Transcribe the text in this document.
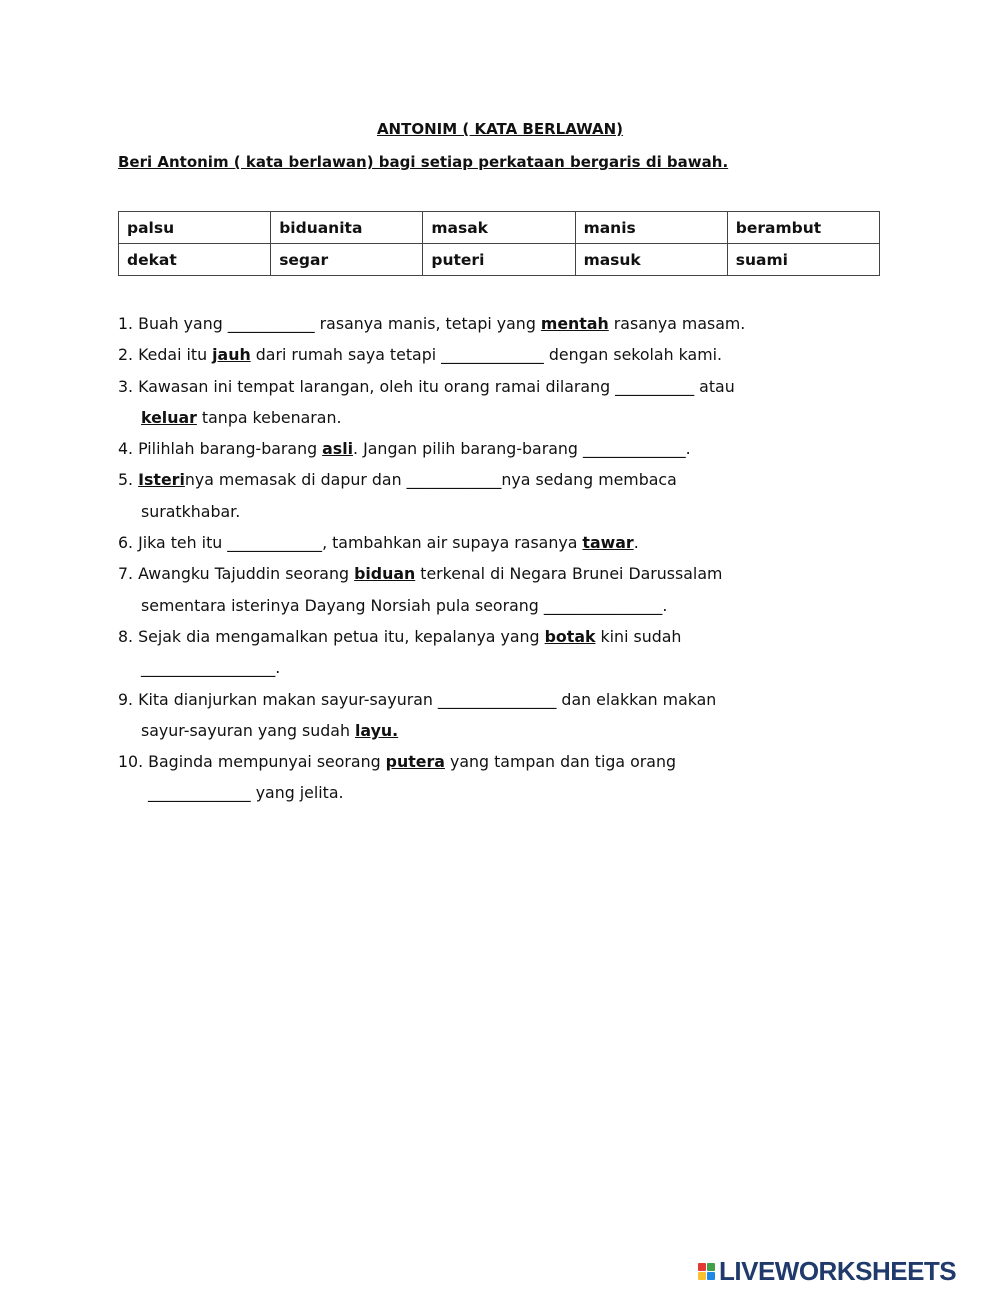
ANTONIM ( KATA BERLAWAN)
Beri Antonim ( kata berlawan) bagi setiap perkataan bergaris di bawah.
palsu	biduanita	masak	manis	berambut
dekat	segar	puteri	masuk	suami
1. Buah yang ___________ rasanya manis, tetapi yang mentah rasanya masam.
2. Kedai itu jauh dari rumah saya tetapi _____________ dengan sekolah kami.
3. Kawasan ini tempat larangan, oleh itu orang ramai dilarang __________ atau
keluar tanpa kebenaran.
4. Pilihlah barang-barang asli. Jangan pilih barang-barang _____________.
5. Isterinya memasak di dapur dan ____________nya sedang membaca
suratkhabar.
6. Jika teh itu ____________, tambahkan air supaya rasanya tawar.
7. Awangku Tajuddin seorang biduan terkenal di Negara Brunei Darussalam
sementara isterinya Dayang Norsiah pula seorang _______________.
8. Sejak dia mengamalkan petua itu, kepalanya yang botak kini sudah
_________________.
9. Kita dianjurkan makan sayur-sayuran _______________ dan elakkan makan
sayur-sayuran yang sudah layu.
10. Baginda mempunyai seorang putera yang tampan dan tiga orang
_____________ yang jelita.
LIVEWORKSHEETS
